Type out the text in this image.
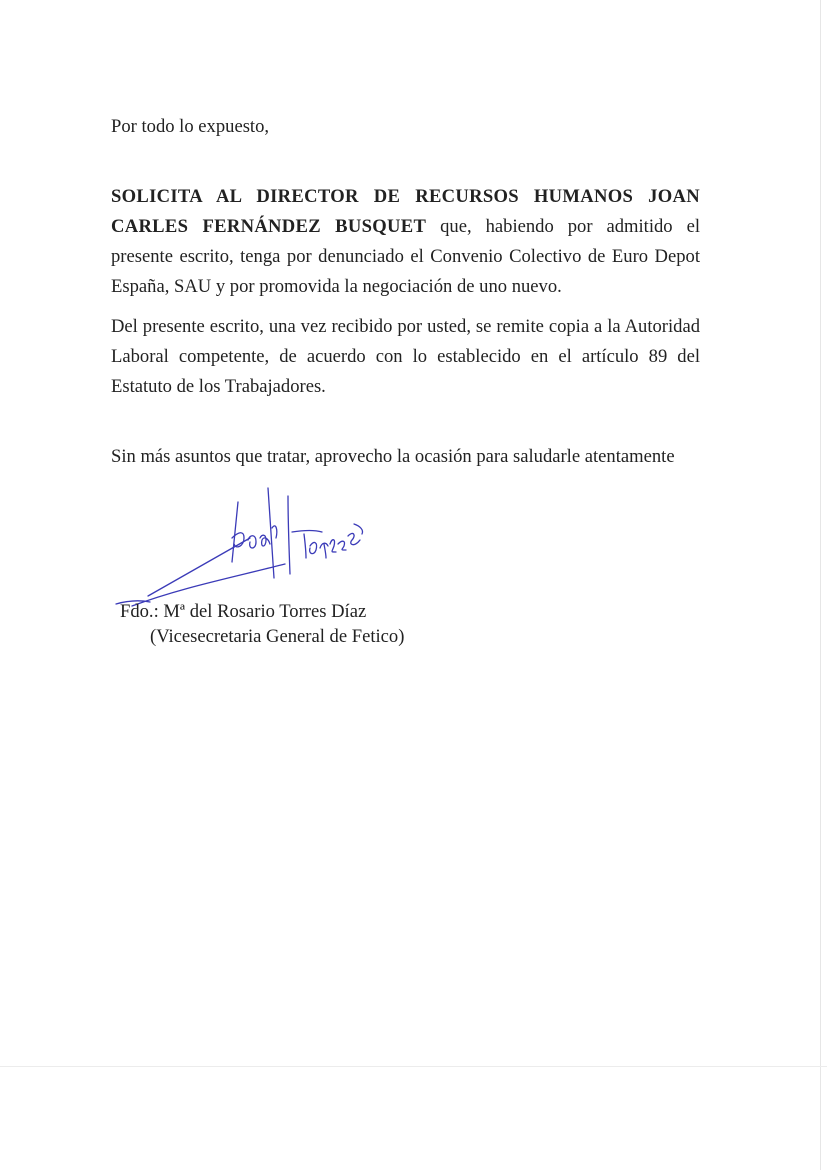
Por todo lo expuesto,
SOLICITA AL DIRECTOR DE RECURSOS HUMANOS JOAN CARLES FERNÁNDEZ BUSQUET que, habiendo por admitido el presente escrito, tenga por denunciado el Convenio Colectivo de Euro Depot España, SAU y por promovida la negociación de uno nuevo.
Del presente escrito, una vez recibido por usted, se remite copia a la Autoridad Laboral competente, de acuerdo con lo establecido en el artículo 89 del Estatuto de los Trabajadores.
Sin más asuntos que tratar, aprovecho la ocasión para saludarle atentamente
Fdo.: Mª del Rosario Torres Díaz
(Vicesecretaria General de Fetico)
